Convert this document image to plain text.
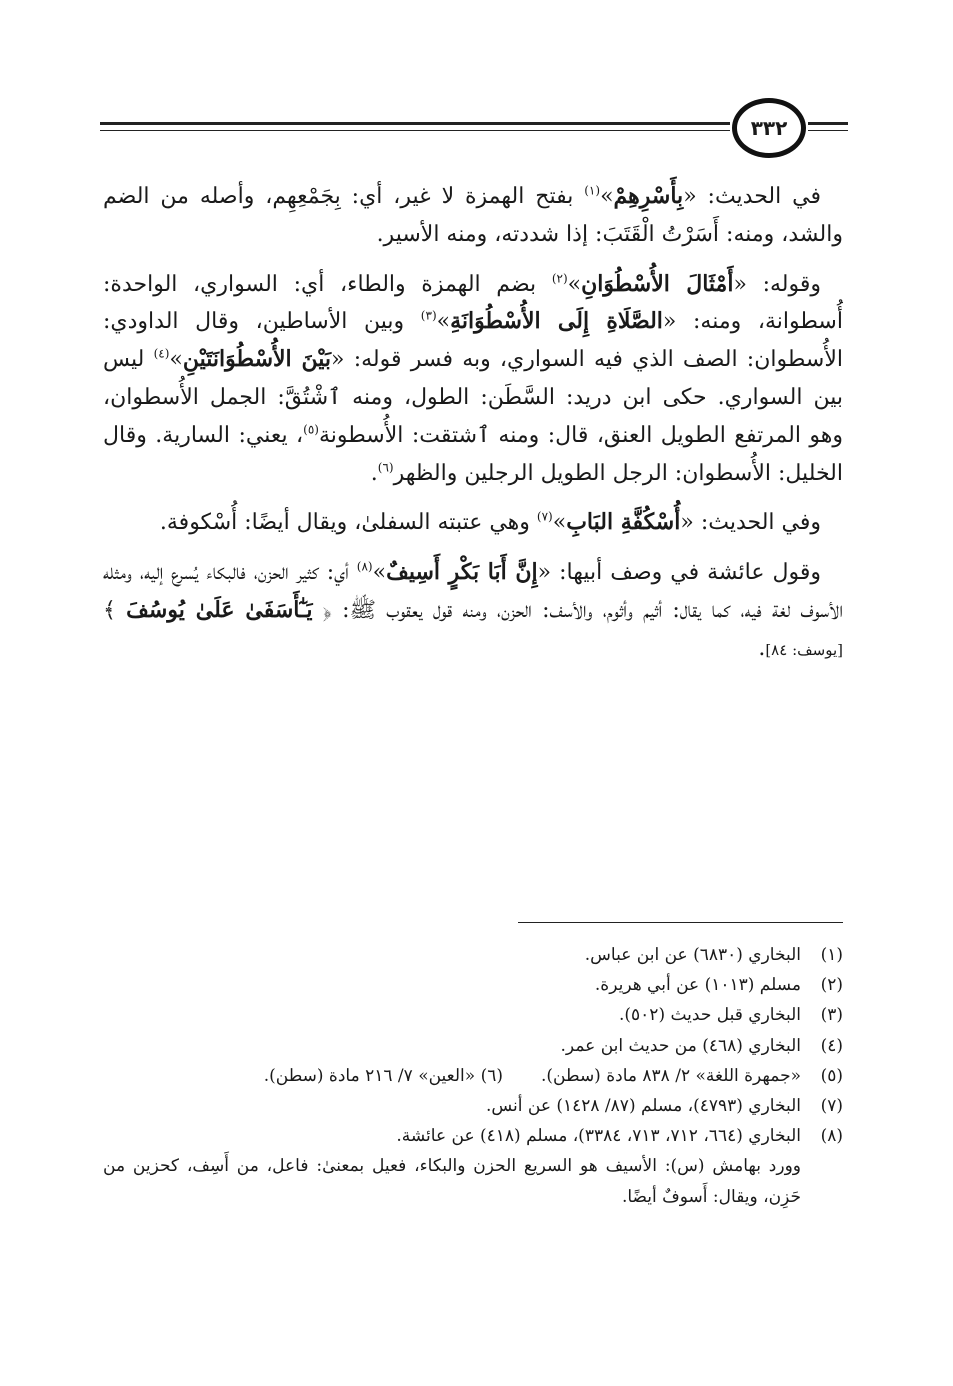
٣٣٢

في الحديث: «بِأَسْرِهِمْ»$^{(١)}$ بفتح الهمزة لا غير، أي: بِجَمْعِهِم، وأصله من الضم والشد، ومنه: أَسَرْتُ الْقَتَبَ: إذا شددته، ومنه الأسير.

وقوله: «أَمْثَالَ الأُسْطُوَانِ»$^{(٢)}$ بضم الهمزة والطاء، أي: السواري، الواحدة: أُسطوانة، ومنه: «الصَّلَاةِ إِلَى الأُسْطُوَانَةِ»$^{(٣)}$ وبين الأساطين، وقال الداودي: الأُسطوان: الصف الذي فيه السواري، وبه فسر قوله: «بَيْنَ الأُسْطُوَانَتَيْنِ»$^{(٤)}$ ليس بين السواري. حكى ابن دريد: السَّطَن: الطول، ومنه ٱشْتُقَّ: الجمل الأُسطوان، وهو المرتفع الطويل العنق، قال: ومنه ٱشتقت: الأُسطونة$^{(٥)}$، يعني: السارية. وقال الخليل: الأُسطوان: الرجل الطويل الرجلين والظهر$^{(٦)}$.

وفي الحديث: «أُسْكُفَّةِ البَابِ»$^{(٧)}$ وهي عتبته السفلىٰ، ويقال أيضًا: أُسْكوفة.

وقول عائشة في وصف أبيها: «إِنَّ أَبَا بَكْرٍ أَسِيفٌ»$^{(٨)}$ أي: كثير الحزن، فالبكاء يُسرع إليه، ومثله الأسوف لغة فيه، كما يقال: أثيم وأثوم، والأسف: الحزن، ومنه قول يعقوب ﷺ: ﴿ يَـٰٓأَسَفَىٰ عَلَىٰ يُوسُفَ ﴾ [يوسف: ٨٤].

(١)
البخاري (٦٨٣٠) عن ابن عباس.
(٢)
مسلم (١٠١٣) عن أبي هريرة.
(٣)
البخاري قبل حديث (٥٠٢).
(٤)
البخاري (٤٦٨) من حديث ابن عمر.
(٥)
«جمهرة اللغة» ٢/ ٨٣٨ مادة (سطن).(٦) «العين» ٧/ ٢١٦ مادة (سطن).
(٧)
البخاري (٤٧٩٣)، مسلم (٨٧/ ١٤٢٨) عن أنس.
(٨)
البخاري (٦٦٤، ٧١٢، ٧١٣، ٣٣٨٤)، مسلم (٤١٨) عن عائشة.
وورد بهامش (س): الأسيف هو السريع الحزن والبكاء، فعيل بمعنىٰ: فاعل، من أَسِف، كحزين من حَزِن، ويقال: أَسوفٌ أيضًا.
